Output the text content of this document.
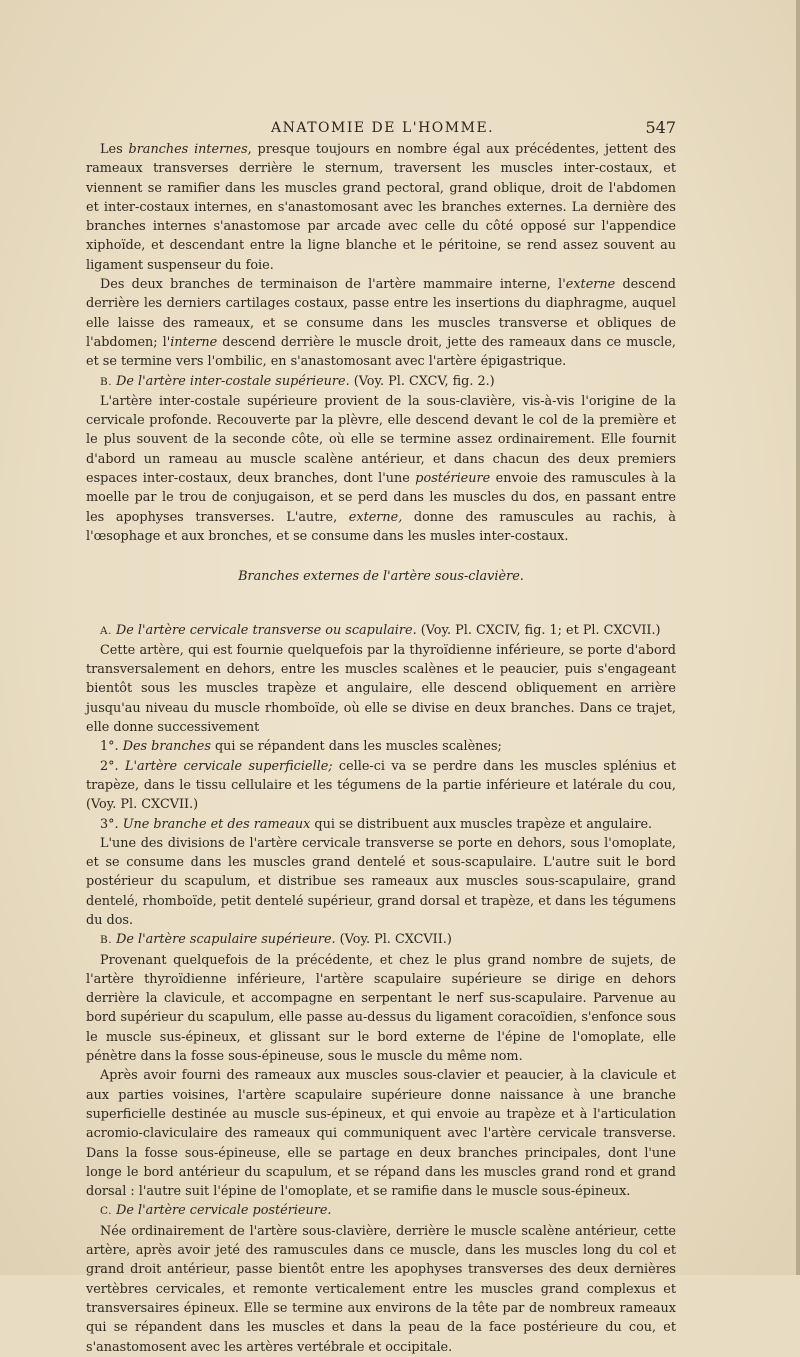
ANATOMIE DE L'HOMME.	547

Les branches internes, presque toujours en nombre égal aux précédentes, jettent des rameaux transverses derrière le sternum, traversent les muscles inter-costaux, et viennent se ramifier dans les muscles grand pectoral, grand oblique, droit de l'abdomen et inter-costaux internes, en s'anastomosant avec les branches externes. La dernière des branches internes s'anastomose par arcade avec celle du côté opposé sur l'appendice xiphoïde, et descendant entre la ligne blanche et le péritoine, se rend assez souvent au ligament suspenseur du foie.

Des deux branches de terminaison de l'artère mammaire interne, l'externe descend derrière les derniers cartilages costaux, passe entre les insertions du diaphragme, auquel elle laisse des rameaux, et se consume dans les muscles transverse et obliques de l'abdomen; l'interne descend derrière le muscle droit, jette des rameaux dans ce muscle, et se termine vers l'ombilic, en s'anastomosant avec l'artère épigastrique.

B. De l'artère inter-costale supérieure. (Voy. Pl. CXCV, fig. 2.)

L'artère inter-costale supérieure provient de la sous-clavière, vis-à-vis l'origine de la cervicale profonde. Recouverte par la plèvre, elle descend devant le col de la première et le plus souvent de la seconde côte, où elle se termine assez ordinairement. Elle fournit d'abord un rameau au muscle scalène antérieur, et dans chacun des deux premiers espaces inter-costaux, deux branches, dont l'une postérieure envoie des ramuscules à la moelle par le trou de conjugaison, et se perd dans les muscles du dos, en passant entre les apophyses transverses. L'autre, externe, donne des ramuscules au rachis, à l'œsophage et aux bronches, et se consume dans les musles inter-costaux.

Branches externes de l'artère sous-clavière.

A. De l'artère cervicale transverse ou scapulaire. (Voy. Pl. CXCIV, fig. 1; et Pl. CXCVII.)

Cette artère, qui est fournie quelquefois par la thyroïdienne inférieure, se porte d'abord transversalement en dehors, entre les muscles scalènes et le peaucier, puis s'engageant bientôt sous les muscles trapèze et angulaire, elle descend obliquement en arrière jusqu'au niveau du muscle rhomboïde, où elle se divise en deux branches. Dans ce trajet, elle donne successivement

1°. Des branches qui se répandent dans les muscles scalènes;

2°. L'artère cervicale superficielle; celle-ci va se perdre dans les muscles splénius et trapèze, dans le tissu cellulaire et les tégumens de la partie inférieure et latérale du cou, (Voy. Pl. CXCVII.)

3°. Une branche et des rameaux qui se distribuent aux muscles trapèze et angulaire.

L'une des divisions de l'artère cervicale transverse se porte en dehors, sous l'omoplate, et se consume dans les muscles grand dentelé et sous-scapulaire. L'autre suit le bord postérieur du scapulum, et distribue ses rameaux aux muscles sous-scapulaire, grand dentelé, rhomboïde, petit dentelé supérieur, grand dorsal et trapèze, et dans les tégumens du dos.

B. De l'artère scapulaire supérieure. (Voy. Pl. CXCVII.)

Provenant quelquefois de la précédente, et chez le plus grand nombre de sujets, de l'artère thyroïdienne inférieure, l'artère scapulaire supérieure se dirige en dehors derrière la clavicule, et accompagne en serpentant le nerf sus-scapulaire. Parvenue au bord supérieur du scapulum, elle passe au-dessus du ligament coracoïdien, s'enfonce sous le muscle sus-épineux, et glissant sur le bord externe de l'épine de l'omoplate, elle pénètre dans la fosse sous-épineuse, sous le muscle du même nom.

Après avoir fourni des rameaux aux muscles sous-clavier et peaucier, à la clavicule et aux parties voisines, l'artère scapulaire supérieure donne naissance à une branche superficielle destinée au muscle sus-épineux, et qui envoie au trapèze et à l'articulation acromio-claviculaire des rameaux qui communiquent avec l'artère cervicale transverse. Dans la fosse sous-épineuse, elle se partage en deux branches principales, dont l'une longe le bord antérieur du scapulum, et se répand dans les muscles grand rond et grand dorsal : l'autre suit l'épine de l'omoplate, et se ramifie dans le muscle sous-épineux.

C. De l'artère cervicale postérieure.

Née ordinairement de l'artère sous-clavière, derrière le muscle scalène antérieur, cette artère, après avoir jeté des ramuscules dans ce muscle, dans les muscles long du col et grand droit antérieur, passe bientôt entre les apophyses transverses des deux dernières vertèbres cervicales, et remonte verticalement entre les muscles grand complexus et transversaires épineux. Elle se termine aux environs de la tête par de nombreux rameaux qui se répandent dans les muscles et dans la peau de la face postérieure du cou, et s'anastomosent avec les artères vertébrale et occipitale.
